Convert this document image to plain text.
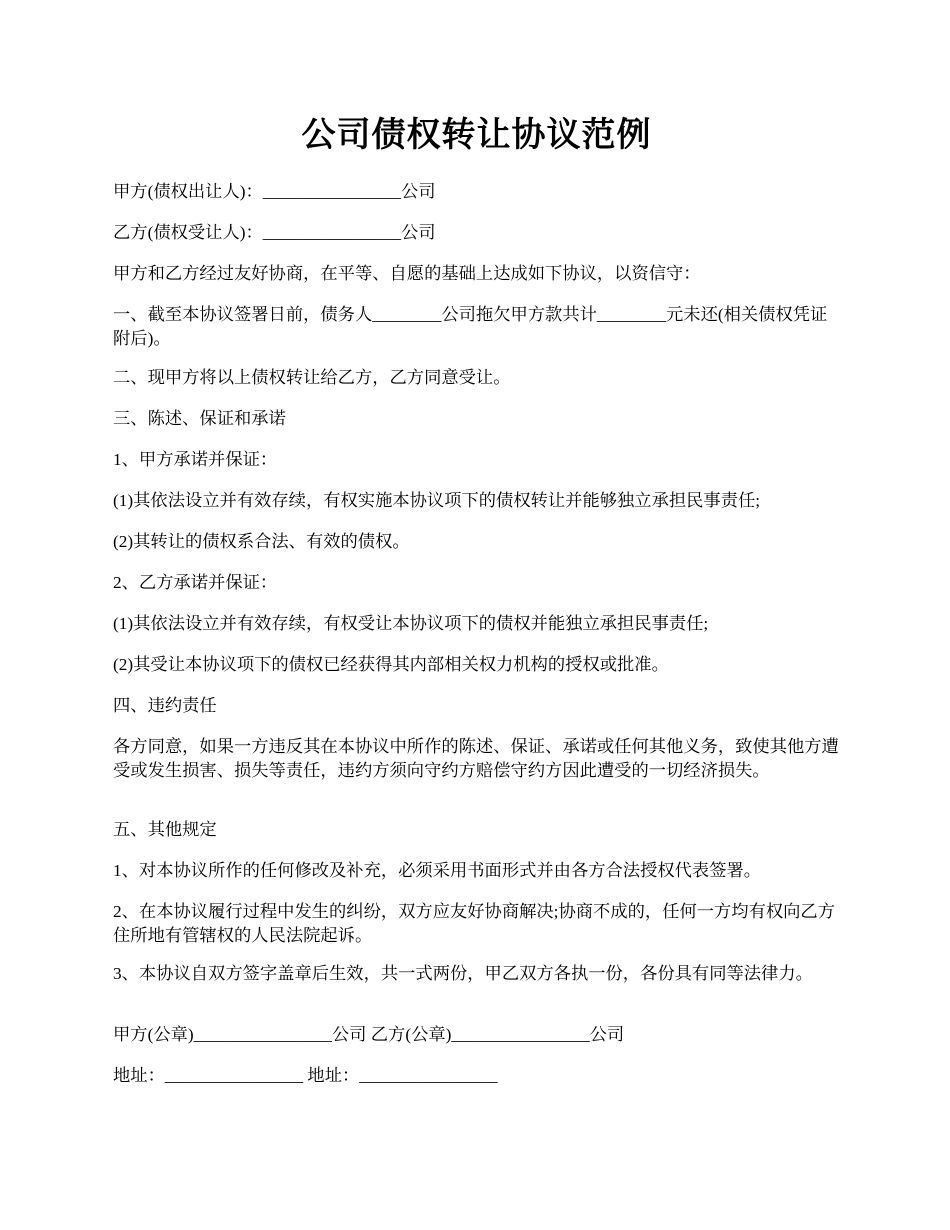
公司债权转让协议范例

甲方(债权出让人)：________________公司

乙方(债权受让人)：________________公司

甲方和乙方经过友好协商，在平等、自愿的基础上达成如下协议，以资信守：

一、截至本协议签署日前，债务人________公司拖欠甲方款共计________元未还(相关债权凭证附后)。

二、现甲方将以上债权转让给乙方，乙方同意受让。

三、陈述、保证和承诺

1、甲方承诺并保证：

(1)其依法设立并有效存续，有权实施本协议项下的债权转让并能够独立承担民事责任;

(2)其转让的债权系合法、有效的债权。

2、乙方承诺并保证：

(1)其依法设立并有效存续，有权受让本协议项下的债权并能独立承担民事责任;

(2)其受让本协议项下的债权已经获得其内部相关权力机构的授权或批准。

四、违约责任

各方同意，如果一方违反其在本协议中所作的陈述、保证、承诺或任何其他义务，致使其他方遭受或发生损害、损失等责任，违约方须向守约方赔偿守约方因此遭受的一切经济损失。

五、其他规定

1、对本协议所作的任何修改及补充，必须采用书面形式并由各方合法授权代表签署。

2、在本协议履行过程中发生的纠纷，双方应友好协商解决;协商不成的，任何一方均有权向乙方住所地有管辖权的人民法院起诉。

3、本协议自双方签字盖章后生效，共一式两份，甲乙双方各执一份，各份具有同等法律力。

甲方(公章)________________公司 乙方(公章)________________公司

地址：________________ 地址：________________
